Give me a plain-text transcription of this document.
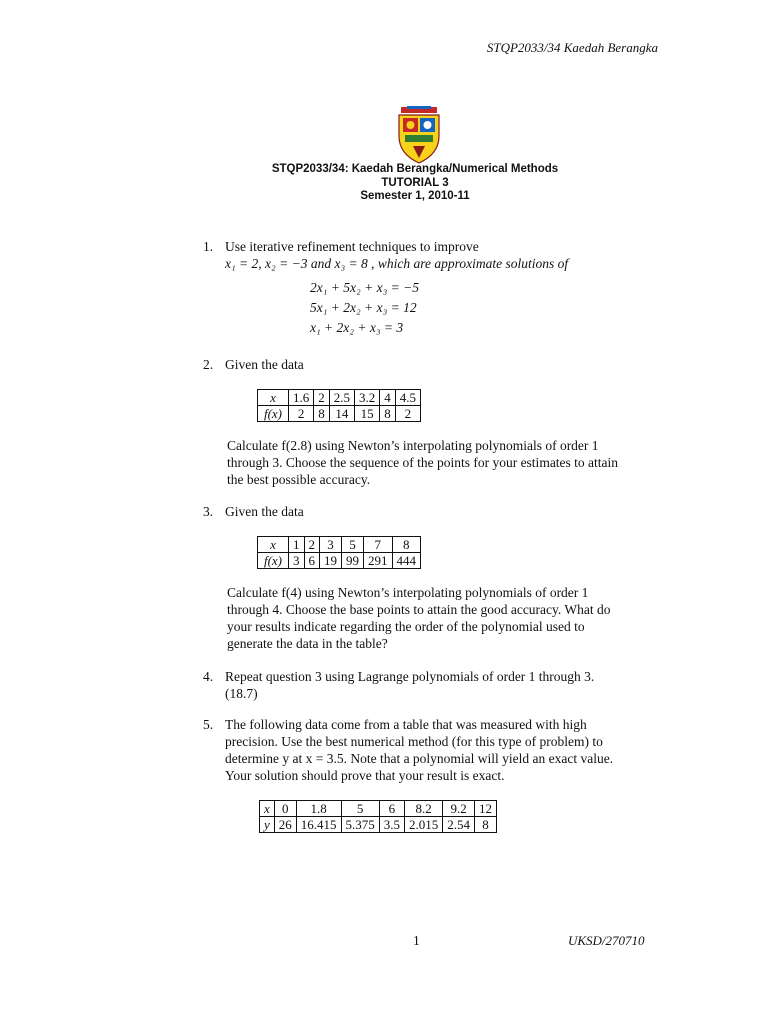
STQP2033/34 Kaedah Berangka
STQP2033/34: Kaedah Berangka/Numerical Methods
TUTORIAL 3
Semester 1, 2010-11
1. Use iterative refinement techniques to improve
x₁ = 2, x₂ = −3 and x₃ = 8 , which are approximate solutions of
2x₁ + 5x₂ + x₃ = −5
5x₁ + 2x₂ + x₃ = 12
x₁ + 2x₂ + x₃ = 3
2. Given the data
x	1.6	2	2.5	3.2	4	4.5
f(x)	2	8	14	15	8	2
Calculate f(2.8) using Newton’s interpolating polynomials of order 1
through 3. Choose the sequence of the points for your estimates to attain
the best possible accuracy.
3. Given the data
x	1	2	3	5	7	8
f(x)	3	6	19	99	291	444
Calculate f(4) using Newton’s interpolating polynomials of order 1
through 4. Choose the base points to attain the good accuracy. What do
your results indicate regarding the order of the polynomial used to
generate the data in the table?
4. Repeat question 3 using Lagrange polynomials of order 1 through 3.
(18.7)
5. The following data come from a table that was measured with high
precision. Use the best numerical method (for this type of problem) to
determine y at x = 3.5. Note that a polynomial will yield an exact value.
Your solution should prove that your result is exact.
x	0	1.8	5	6	8.2	9.2	12
y	26	16.415	5.375	3.5	2.015	2.54	8
1	UKSD/270710
